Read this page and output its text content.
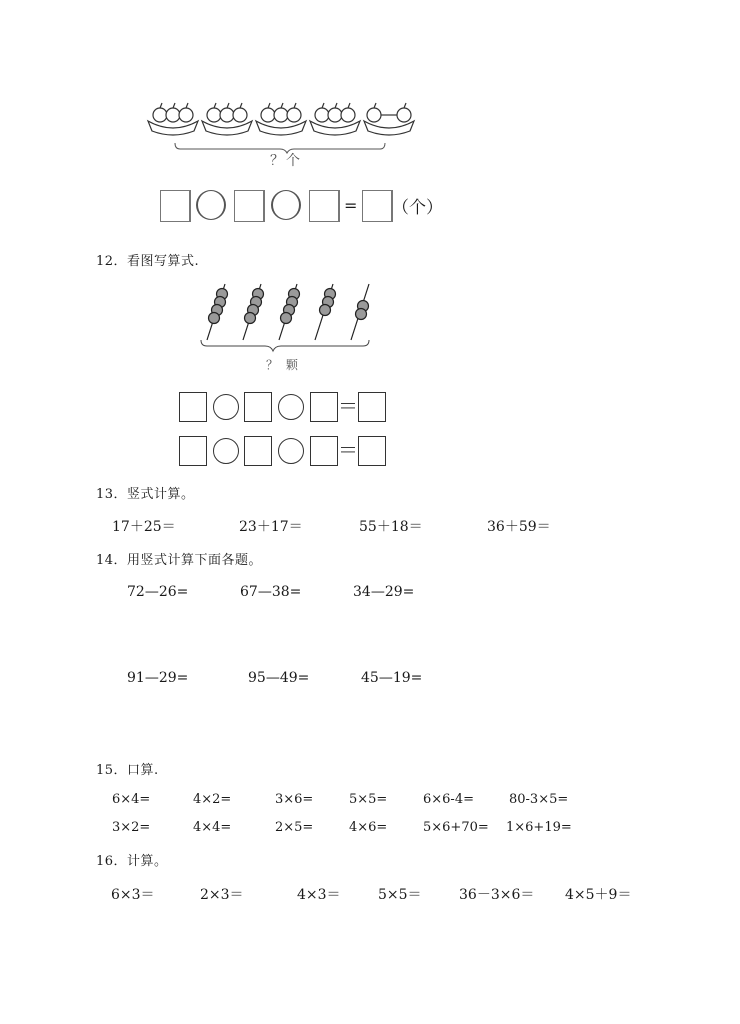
？个
= （个）
12．看图写算式.
？ 颗
＝
＝
13．竖式计算。
17＋25＝	23＋17＝	55＋18＝	36＋59＝
14．用竖式计算下面各题。
72—26=	67—38=	34—29=
91—29=	95—49=	45—19=
15．口算.
6×4=	4×2=	3×6=	5×5=	6×6-4=	80-3×5=
3×2=	4×4=	2×5=	4×6=	5×6+70= 1×6+19=
16．计算。
6×3＝	2×3＝	4×3＝	5×5＝	36－3×6＝ 4×5＋9＝
